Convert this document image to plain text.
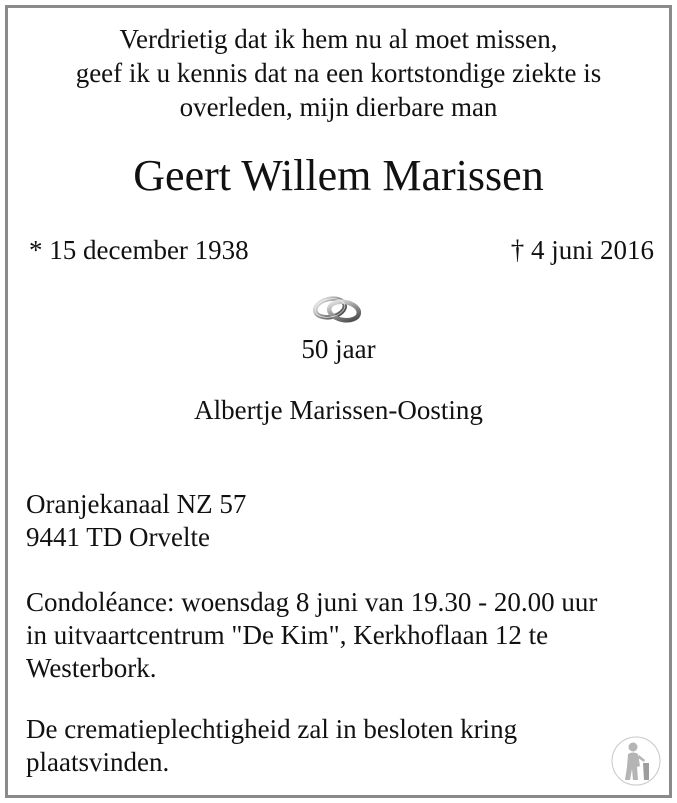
Verdrietig dat ik hem nu al moet missen,
geef ik u kennis dat na een kortstondige ziekte is
overleden, mijn dierbare man
Geert Willem Marissen
* 15 december 1938	† 4 juni 2016
50 jaar
Albertje Marissen-Oosting
Oranjekanaal NZ 57
9441 TD Orvelte
Condoléance: woensdag 8 juni van 19.30 - 20.00 uur
in uitvaartcentrum "De Kim", Kerkhoflaan 12 te
Westerbork.
De crematieplechtigheid zal in besloten kring
plaatsvinden.
